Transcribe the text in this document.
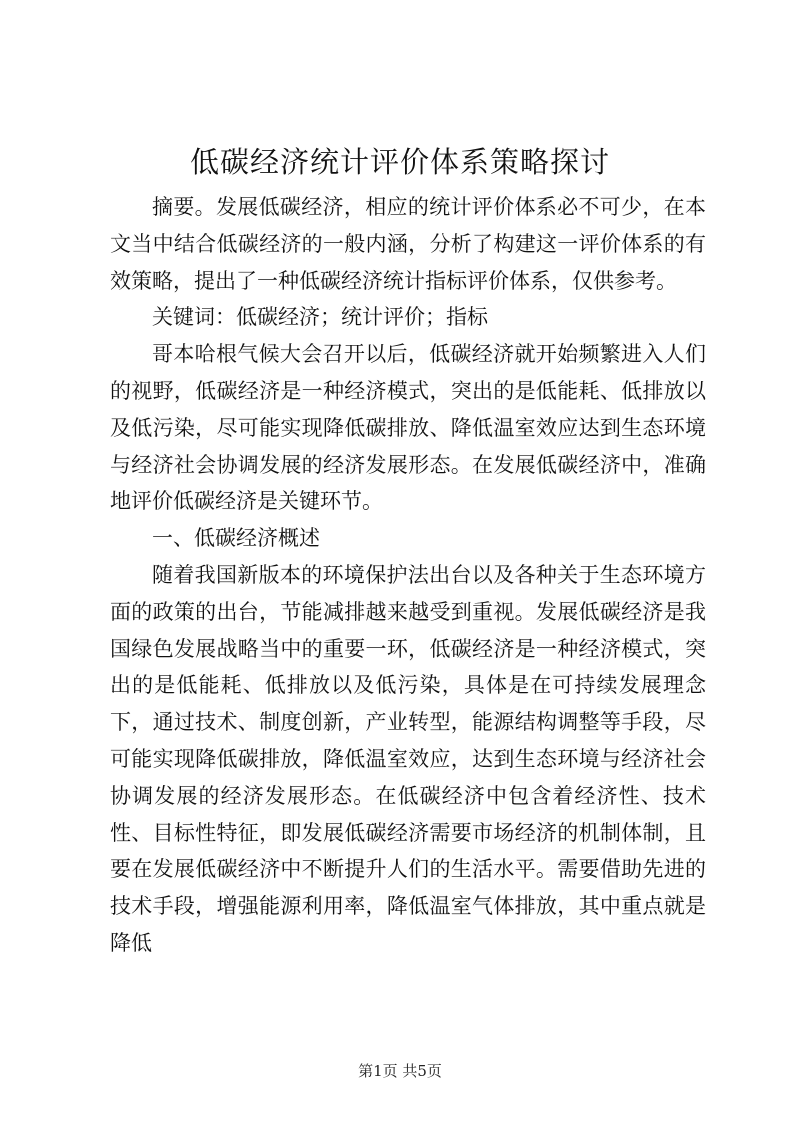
低碳经济统计评价体系策略探讨

摘要。发展低碳经济，相应的统计评价体系必不可少，在本文当中结合低碳经济的一般内涵，分析了构建这一评价体系的有效策略，提出了一种低碳经济统计指标评价体系，仅供参考。

关键词：低碳经济；统计评价；指标

哥本哈根气候大会召开以后，低碳经济就开始频繁进入人们的视野，低碳经济是一种经济模式，突出的是低能耗、低排放以及低污染，尽可能实现降低碳排放、降低温室效应达到生态环境与经济社会协调发展的经济发展形态。在发展低碳经济中，准确地评价低碳经济是关键环节。

一、低碳经济概述

随着我国新版本的环境保护法出台以及各种关于生态环境方面的政策的出台，节能减排越来越受到重视。发展低碳经济是我国绿色发展战略当中的重要一环，低碳经济是一种经济模式，突出的是低能耗、低排放以及低污染，具体是在可持续发展理念下，通过技术、制度创新，产业转型，能源结构调整等手段，尽可能实现降低碳排放，降低温室效应，达到生态环境与经济社会协调发展的经济发展形态。在低碳经济中包含着经济性、技术性、目标性特征，即发展低碳经济需要市场经济的机制体制，且要在发展低碳经济中不断提升人们的生活水平。需要借助先进的技术手段，增强能源利用率，降低温室气体排放，其中重点就是降低

第1页 共5页
